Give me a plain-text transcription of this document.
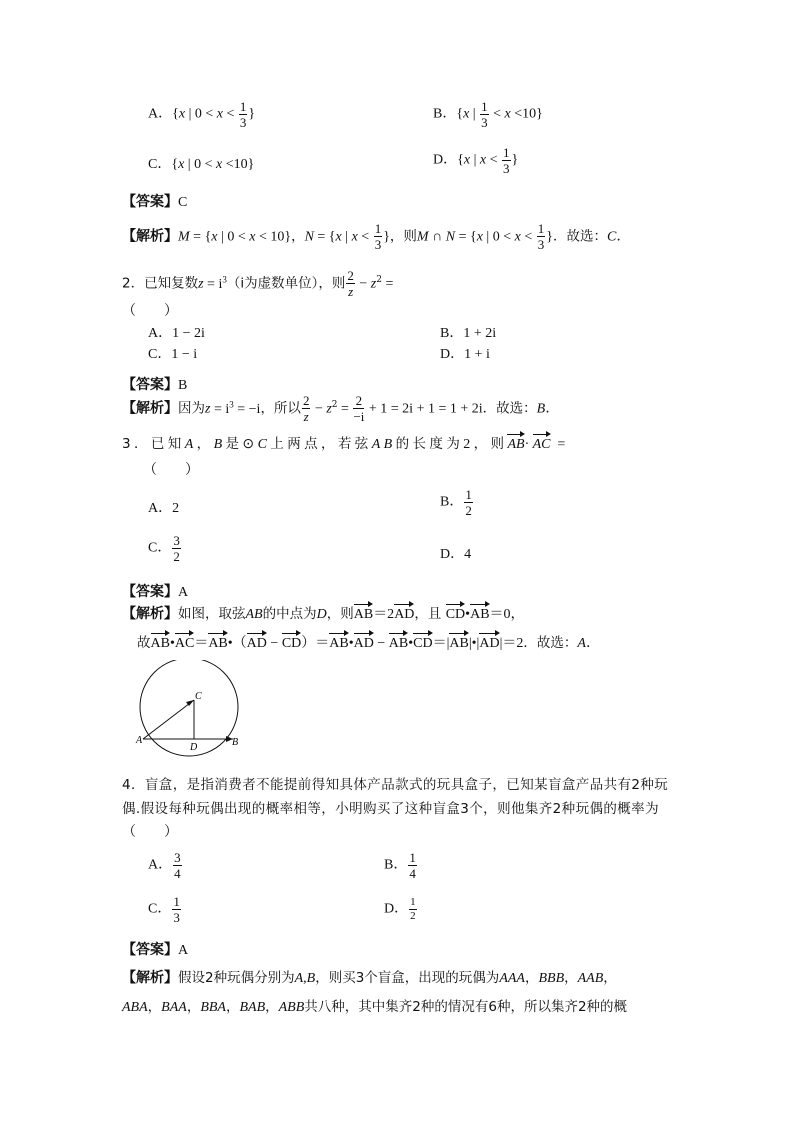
A．{x | $0 < x < \frac{1}{3}$ }	B．{x | $\frac{1}{3} < x <10$}
C．{x | 0 < x <10}	D．{x | $x < \frac{1}{3}$ }
【答案】C
【解析】M = {x | 0 < x < 10}，N = {x | $x < \frac{1}{3}$ }，则M ∩ N = {x | $0 < x < \frac{1}{3}$ }．故选：C.
2．已知复数$z = i^3(i$为虚数单位），则 $\frac{2}{z} - z^2$ =
（　　）
A．1 − 2i	B．1 + 2i
C．1 − i	D．1 + i
【答案】B
【解析】因为$z = i^3 = -i$，所以 $\frac{2}{z} - z^2 = \frac{2}{-i} + 1 = 2i + 1 = 1 + 2i$．故选：B.
3．已知A，B是⊙C上两点，若弦AB的长度为2，则AB·AC =
（　　）
A．2	B． $\frac{1}{2}$
C． $\frac{3}{2}$	D．4
【答案】A
【解析】如图，取弦AB的中点为D，则AB＝2AD，且 CD•AB＝0，
故AB•AC＝AB•（AD − CD）＝AB•AD − AB•CD＝|AB|•|AD|＝2．故选：A.
A	B
C
D
4．盲盒，是指消费者不能提前得知具体产品款式的玩具盒子，已知某盲盒产品共有2种玩
偶.假设每种玩偶出现的概率相等，小明购买了这种盲盒3个，则他集齐2种玩偶的概率为
（　　）
A． $\frac{3}{4}$	B． $\frac{1}{4}$
C． $\frac{1}{3}$	D． $\frac{1}{2}$
【答案】A
【解析】假设2种玩偶分别为A,B，则买3个盲盒，出现的玩偶为AAA，BBB，AAB，
ABA，BAA，BBA，BAB，ABB共八种，其中集齐2种的情况有6种，所以集齐2种的概
